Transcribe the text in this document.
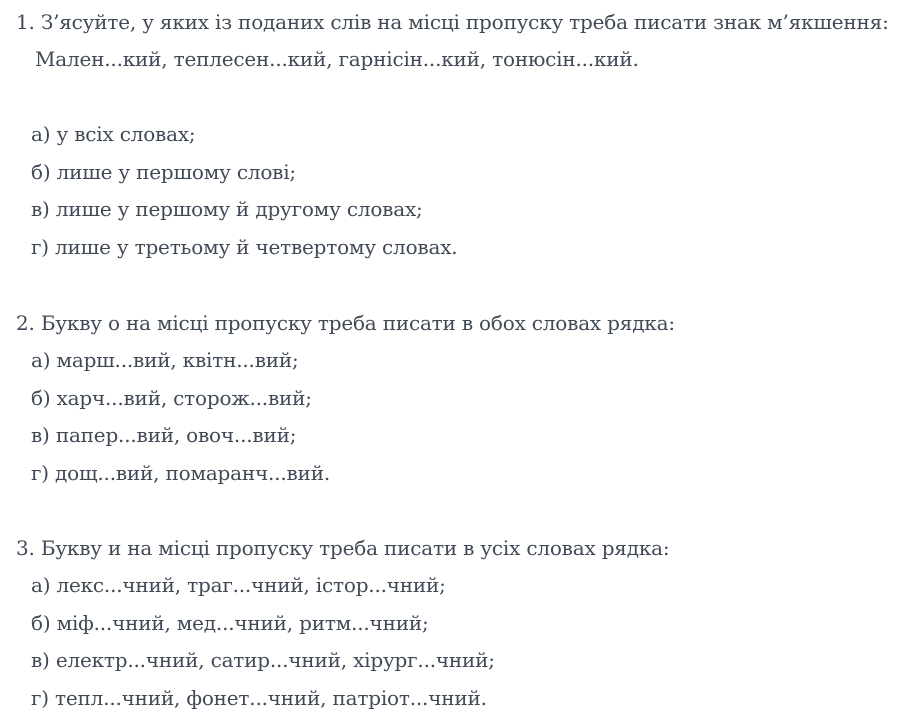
1. З’ясуйте, у яких із поданих слів на місці пропуску треба писати знак м’якшення:
Мален...кий, теплесен...кий, гарнісін...кий, тонюсін...кий.
а) у всіх словах;
б) лише у першому слові;
в) лише у першому й другому словах;
г) лише у третьому й четвертому словах.
2. Букву о на місці пропуску треба писати в обох словах рядка:
а) марш...вий, квітн...вий;
б) харч...вий, сторож...вий;
в) папер...вий, овоч...вий;
г) дощ...вий, помаранч...вий.
3. Букву и на місці пропуску треба писати в усіх словах рядка:
а) лекс...чний, траг...чний, істор...чний;
б) міф...чний, мед...чний, ритм...чний;
в) електр...чний, сатир...чний, хірург...чний;
г) тепл...чний, фонет...чний, патріот...чний.
